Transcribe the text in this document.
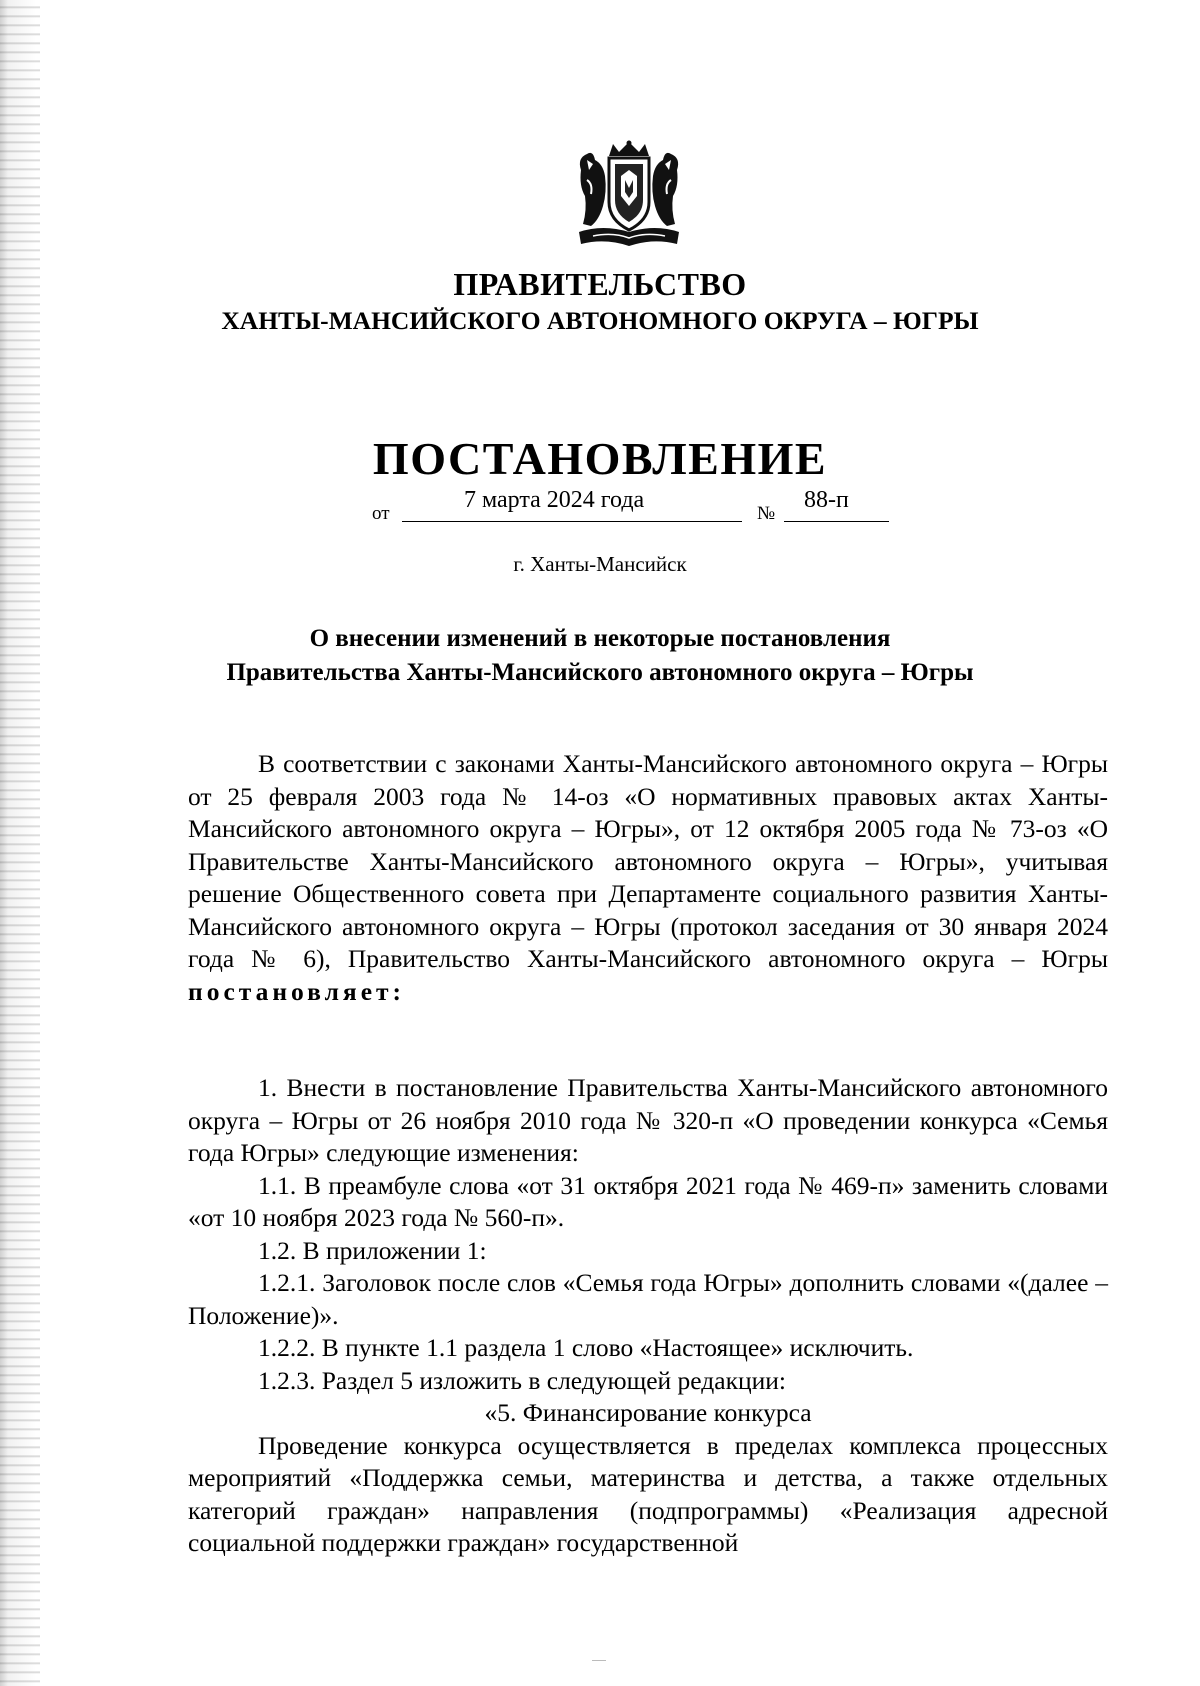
ПРАВИТЕЛЬСТВО
ХАНТЫ-МАНСИЙСКОГО АВТОНОМНОГО ОКРУГА – ЮГРЫ
ПОСТАНОВЛЕНИЕ
от
7 марта 2024 года
№
88-п
г. Ханты-Мансийск
О внесении изменений в некоторые постановления
Правительства Ханты-Мансийского автономного округа – Югры

В соответствии с законами Ханты-Мансийского автономного округа – Югры от 25 февраля 2003 года № 14-оз «О нормативных правовых актах Ханты-Мансийского автономного округа – Югры», от 12 октября 2005 года № 73-оз «О Правительстве Ханты-Мансийского автономного округа – Югры», учитывая решение Общественного совета при Департаменте социального развития Ханты-Мансийского автономного округа – Югры (протокол заседания от 30 января 2024 года № 6), Правительство Ханты-Мансийского автономного округа – Югры постановляет:

1. Внести в постановление Правительства Ханты-Мансийского автономного округа – Югры от 26 ноября 2010 года № 320-п «О проведении конкурса «Семья года Югры» следующие изменения:

1.1. В преамбуле слова «от 31 октября 2021 года № 469-п» заменить словами «от 10 ноября 2023 года № 560-п».

1.2. В приложении 1:

1.2.1. Заголовок после слов «Семья года Югры» дополнить словами «(далее – Положение)».

1.2.2. В пункте 1.1 раздела 1 слово «Настоящее» исключить.

1.2.3. Раздел 5 изложить в следующей редакции:

«5. Финансирование конкурса

Проведение конкурса осуществляется в пределах комплекса процессных мероприятий «Поддержка семьи, материнства и детства, а также отдельных категорий граждан» направления (подпрограммы) «Реализация адресной социальной поддержки граждан» государственной
